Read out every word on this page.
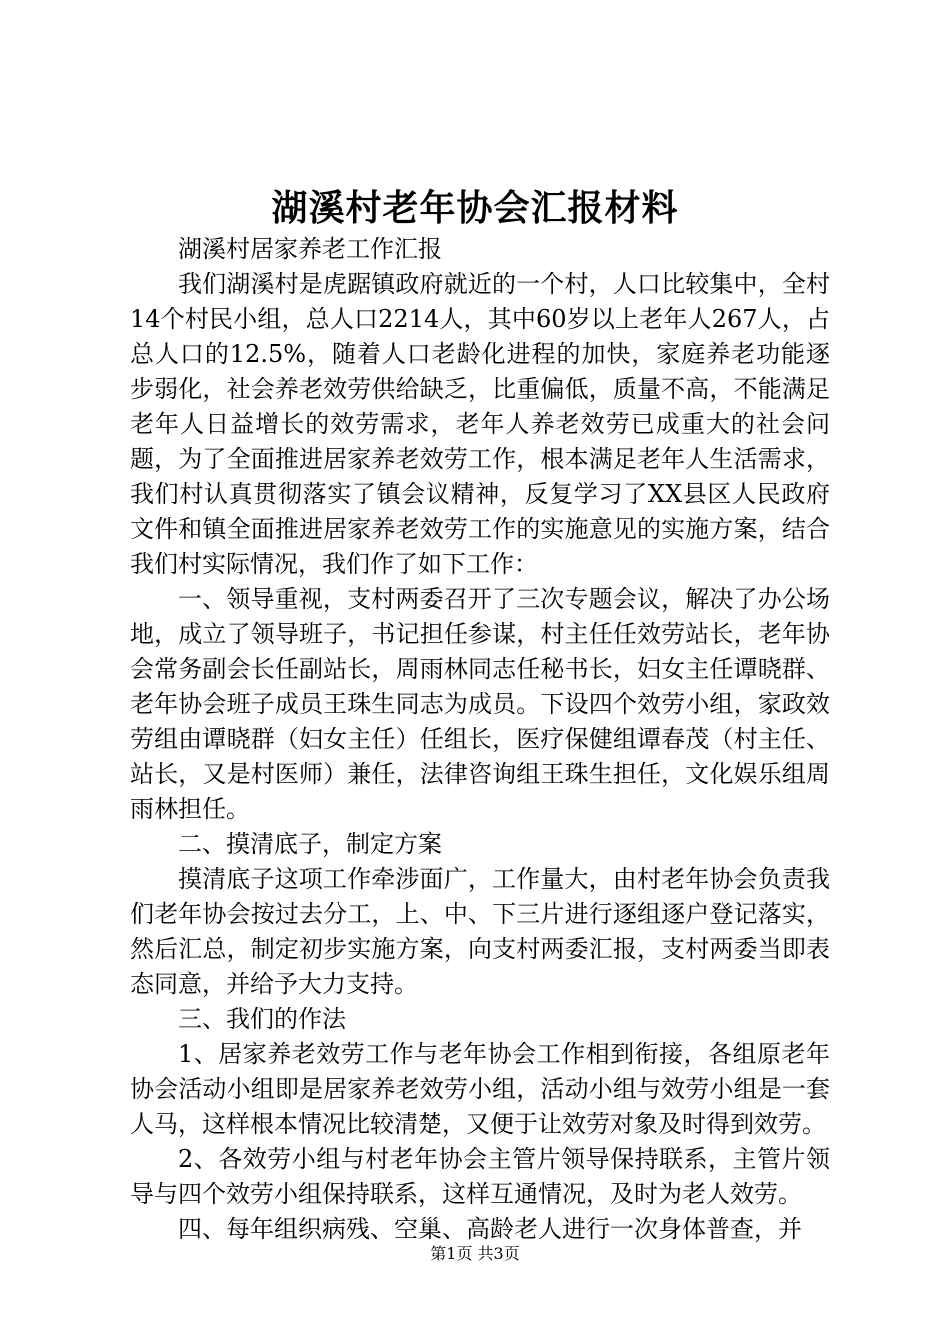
湖溪村老年协会汇报材料

湖溪村居家养老工作汇报

我们湖溪村是虎踞镇政府就近的一个村，人口比较集中，全村14个村民小组，总人口2214人，其中60岁以上老年人267人，占总人口的12.5%，随着人口老龄化进程的加快，家庭养老功能逐步弱化，社会养老效劳供给缺乏，比重偏低，质量不高，不能满足老年人日益增长的效劳需求，老年人养老效劳已成重大的社会问题，为了全面推进居家养老效劳工作，根本满足老年人生活需求，我们村认真贯彻落实了镇会议精神，反复学习了XX县区人民政府文件和镇全面推进居家养老效劳工作的实施意见的实施方案，结合我们村实际情况，我们作了如下工作：

一、领导重视，支村两委召开了三次专题会议，解决了办公场地，成立了领导班子，书记担任参谋，村主任任效劳站长，老年协会常务副会长任副站长，周雨林同志任秘书长，妇女主任谭晓群、老年协会班子成员王珠生同志为成员。下设四个效劳小组，家政效劳组由谭晓群（妇女主任）任组长，医疗保健组谭春茂（村主任、站长，又是村医师）兼任，法律咨询组王珠生担任，文化娱乐组周雨林担任。

二、摸清底子，制定方案

摸清底子这项工作牵涉面广，工作量大，由村老年协会负责我们老年协会按过去分工，上、中、下三片进行逐组逐户登记落实，然后汇总，制定初步实施方案，向支村两委汇报，支村两委当即表态同意，并给予大力支持。

三、我们的作法

1、居家养老效劳工作与老年协会工作相到衔接，各组原老年协会活动小组即是居家养老效劳小组，活动小组与效劳小组是一套人马，这样根本情况比较清楚，又便于让效劳对象及时得到效劳。

2、各效劳小组与村老年协会主管片领导保持联系，主管片领导与四个效劳小组保持联系，这样互通情况，及时为老人效劳。

四、每年组织病残、空巢、高龄老人进行一次身体普查，并

第1页 共3页
